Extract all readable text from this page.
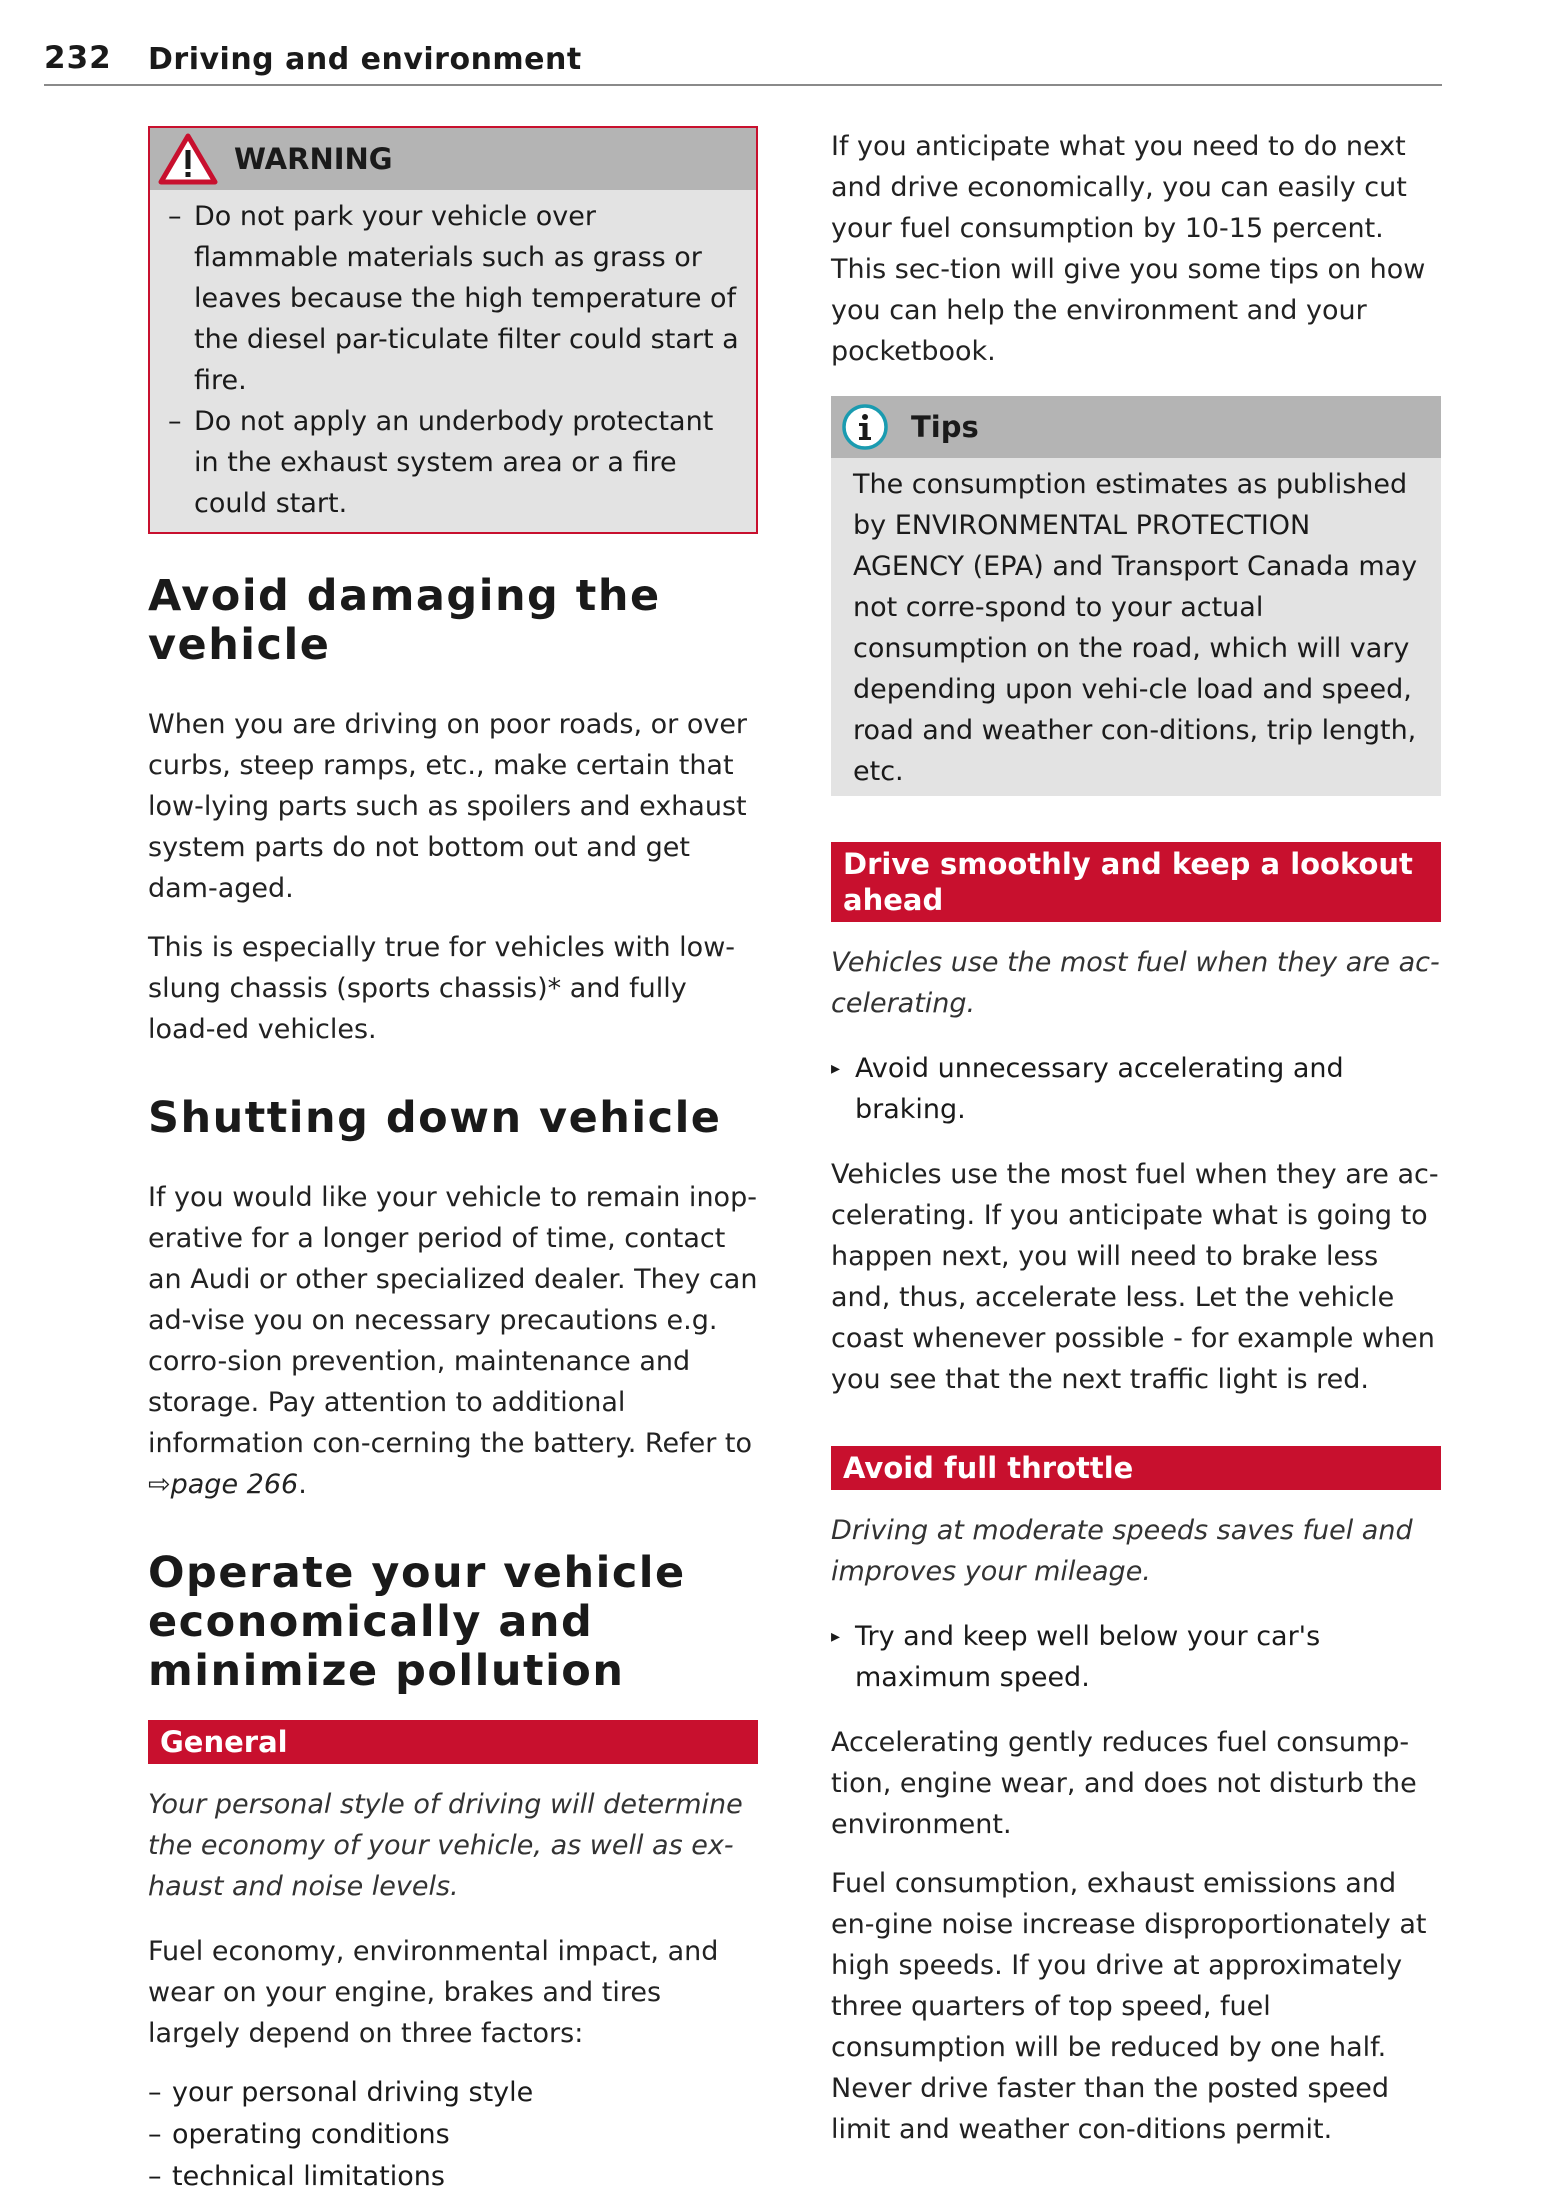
232 Driving and environment
WARNING
– Do not park your vehicle over flammable materials such as grass or leaves because the high temperature of the diesel par-ticulate filter could start a fire.
– Do not apply an underbody protectant in the exhaust system area or a fire could start.
Avoid damaging the vehicle

When you are driving on poor roads, or over curbs, steep ramps, etc., make certain that low-lying parts such as spoilers and exhaust system parts do not bottom out and get dam-aged.

This is especially true for vehicles with low-slung chassis (sports chassis)* and fully load-ed vehicles.

Shutting down vehicle

If you would like your vehicle to remain inop-erative for a longer period of time, contact an Audi or other specialized dealer. They can ad-vise you on necessary precautions e.g. corro-sion prevention, maintenance and storage. Pay attention to additional information con-cerning the battery. Refer to ⇨page 266.

Operate your vehicle economically and minimize pollution
General

Your personal style of driving will determine the economy of your vehicle, as well as ex-haust and noise levels.

Fuel economy, environmental impact, and wear on your engine, brakes and tires largely depend on three factors:

– your personal driving style
– operating conditions
– technical limitations

If you anticipate what you need to do next and drive economically, you can easily cut your fuel consumption by 10-15 percent. This sec-tion will give you some tips on how you can help the environment and your pocketbook.

Tips
The consumption estimates as published by ENVIRONMENTAL PROTECTION AGENCY (EPA) and Transport Canada may not corre-spond to your actual consumption on the road, which will vary depending upon vehi-cle load and speed, road and weather con-ditions, trip length, etc.
Drive smoothly and keep a lookout ahead

Vehicles use the most fuel when they are ac-celerating.

▸ Avoid unnecessary accelerating and braking.

Vehicles use the most fuel when they are ac-celerating. If you anticipate what is going to happen next, you will need to brake less and, thus, accelerate less. Let the vehicle coast whenever possible - for example when you see that the next traffic light is red.

Avoid full throttle

Driving at moderate speeds saves fuel and improves your mileage.

▸ Try and keep well below your car's maximum speed.

Accelerating gently reduces fuel consump-tion, engine wear, and does not disturb the environment.

Fuel consumption, exhaust emissions and en-gine noise increase disproportionately at high speeds. If you drive at approximately three quarters of top speed, fuel consumption will be reduced by one half. Never drive faster than the posted speed limit and weather con-ditions permit.
